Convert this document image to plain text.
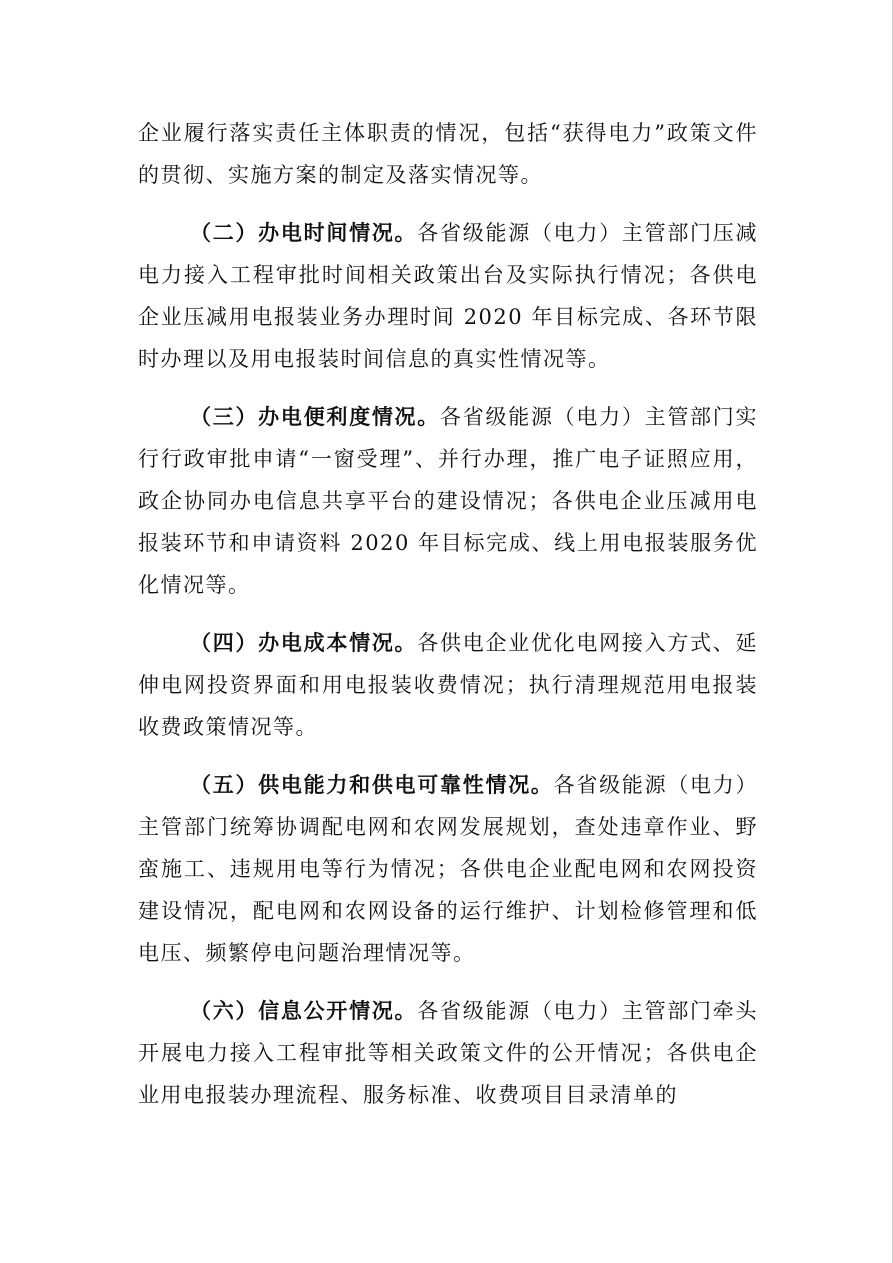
企业履行落实责任主体职责的情况，包括“获得电力”政策文件的贯彻、实施方案的制定及落实情况等。

（二）办电时间情况。各省级能源（电力）主管部门压减电力接入工程审批时间相关政策出台及实际执行情况；各供电企业压减用电报装业务办理时间 2020 年目标完成、各环节限时办理以及用电报装时间信息的真实性情况等。

（三）办电便利度情况。各省级能源（电力）主管部门实行行政审批申请“一窗受理”、并行办理，推广电子证照应用，政企协同办电信息共享平台的建设情况；各供电企业压减用电报装环节和申请资料 2020 年目标完成、线上用电报装服务优化情况等。

（四）办电成本情况。各供电企业优化电网接入方式、延伸电网投资界面和用电报装收费情况；执行清理规范用电报装收费政策情况等。

（五）供电能力和供电可靠性情况。各省级能源（电力）主管部门统筹协调配电网和农网发展规划，查处违章作业、野蛮施工、违规用电等行为情况；各供电企业配电网和农网投资建设情况，配电网和农网设备的运行维护、计划检修管理和低电压、频繁停电问题治理情况等。

（六）信息公开情况。各省级能源（电力）主管部门牵头开展电力接入工程审批等相关政策文件的公开情况；各供电企业用电报装办理流程、服务标准、收费项目目录清单的
